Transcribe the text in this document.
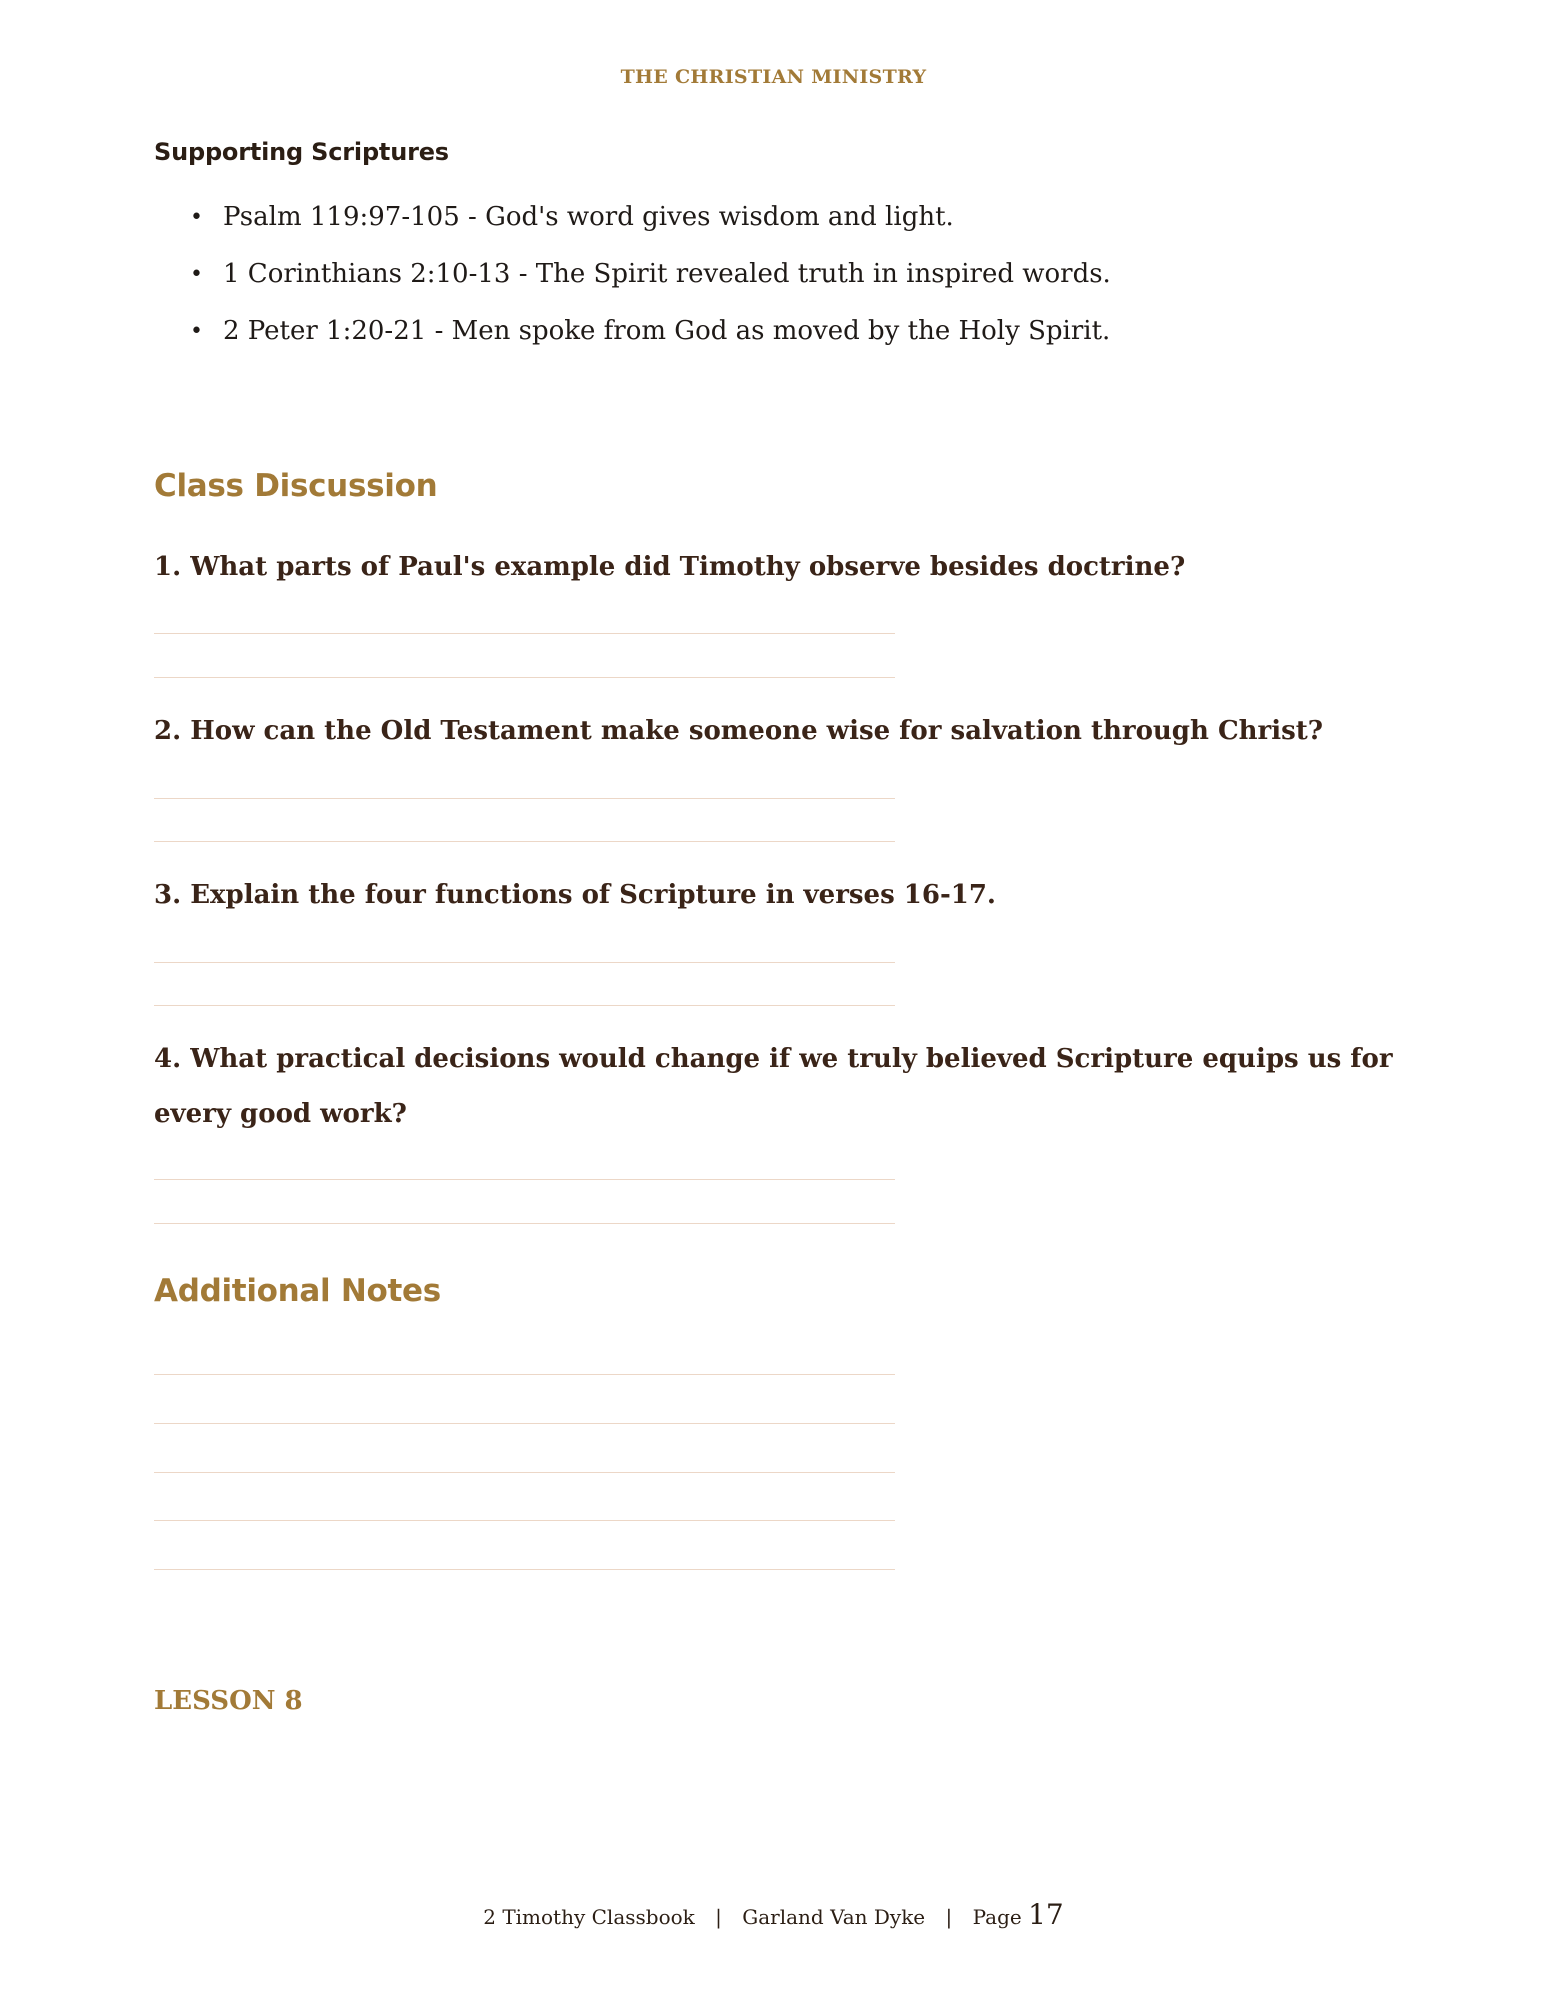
THE CHRISTIAN MINISTRY
Supporting Scriptures
• Psalm 119:97-105 - God's word gives wisdom and light.
• 1 Corinthians 2:10-13 - The Spirit revealed truth in inspired words.
• 2 Peter 1:20-21 - Men spoke from God as moved by the Holy Spirit.
Class Discussion
1. What parts of Paul's example did Timothy observe besides doctrine?
2. How can the Old Testament make someone wise for salvation through Christ?
3. Explain the four functions of Scripture in verses 16-17.
4. What practical decisions would change if we truly believed Scripture equips us for every good work?
Additional Notes
LESSON 8
2 Timothy Classbook | Garland Van Dyke | Page 17
